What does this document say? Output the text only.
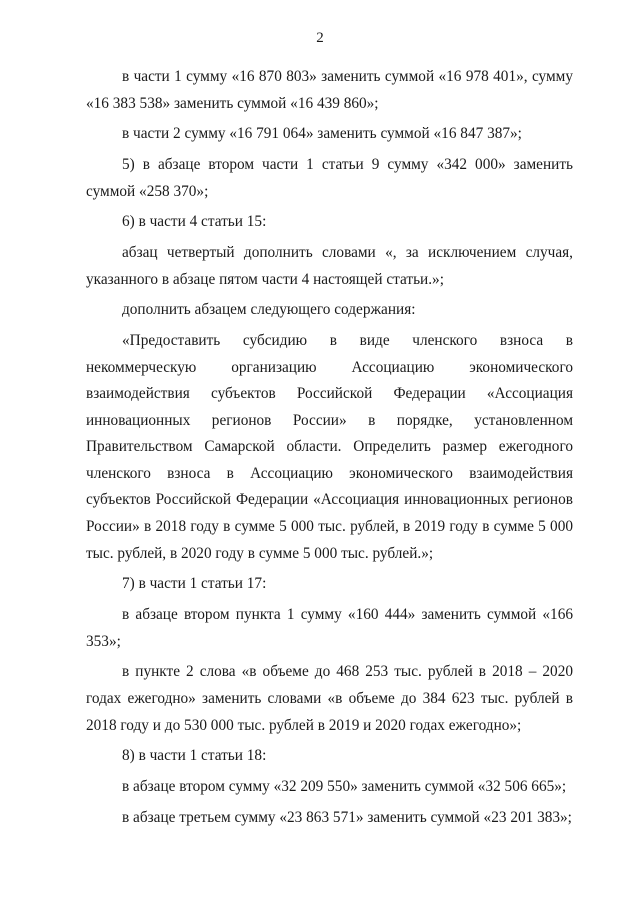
2

в части 1 сумму «16 870 803» заменить суммой «16 978 401», сумму «16 383 538» заменить суммой «16 439 860»;

в части 2 сумму «16 791 064» заменить суммой «16 847 387»;

5) в абзаце втором части 1 статьи 9 сумму «342 000» заменить суммой «258 370»;

6) в части 4 статьи 15:

абзац четвертый дополнить словами «, за исключением случая, указанного в абзаце пятом части 4 настоящей статьи.»;

дополнить абзацем следующего содержания:

«Предоставить субсидию в виде членского взноса в некоммерческую организацию Ассоциацию экономического взаимодействия субъектов Российской Федерации «Ассоциация инновационных регионов России» в порядке, установленном Правительством Самарской области. Определить размер ежегодного членского взноса в Ассоциацию экономического взаимодействия субъектов Российской Федерации «Ассоциация инновационных регионов России» в 2018 году в сумме 5 000 тыс. рублей, в 2019 году в сумме 5 000 тыс. рублей, в 2020 году в сумме 5 000 тыс. рублей.»;

7) в части 1 статьи 17:

в абзаце втором пункта 1 сумму «160 444» заменить суммой «166 353»;

в пункте 2 слова «в объеме до 468 253 тыс. рублей в 2018 – 2020 годах ежегодно» заменить словами «в объеме до 384 623 тыс. рублей в 2018 году и до 530 000 тыс. рублей в 2019 и 2020 годах ежегодно»;

8) в части 1 статьи 18:

в абзаце втором сумму «32 209 550» заменить суммой «32 506 665»;

в абзаце третьем сумму «23 863 571» заменить суммой «23 201 383»;
